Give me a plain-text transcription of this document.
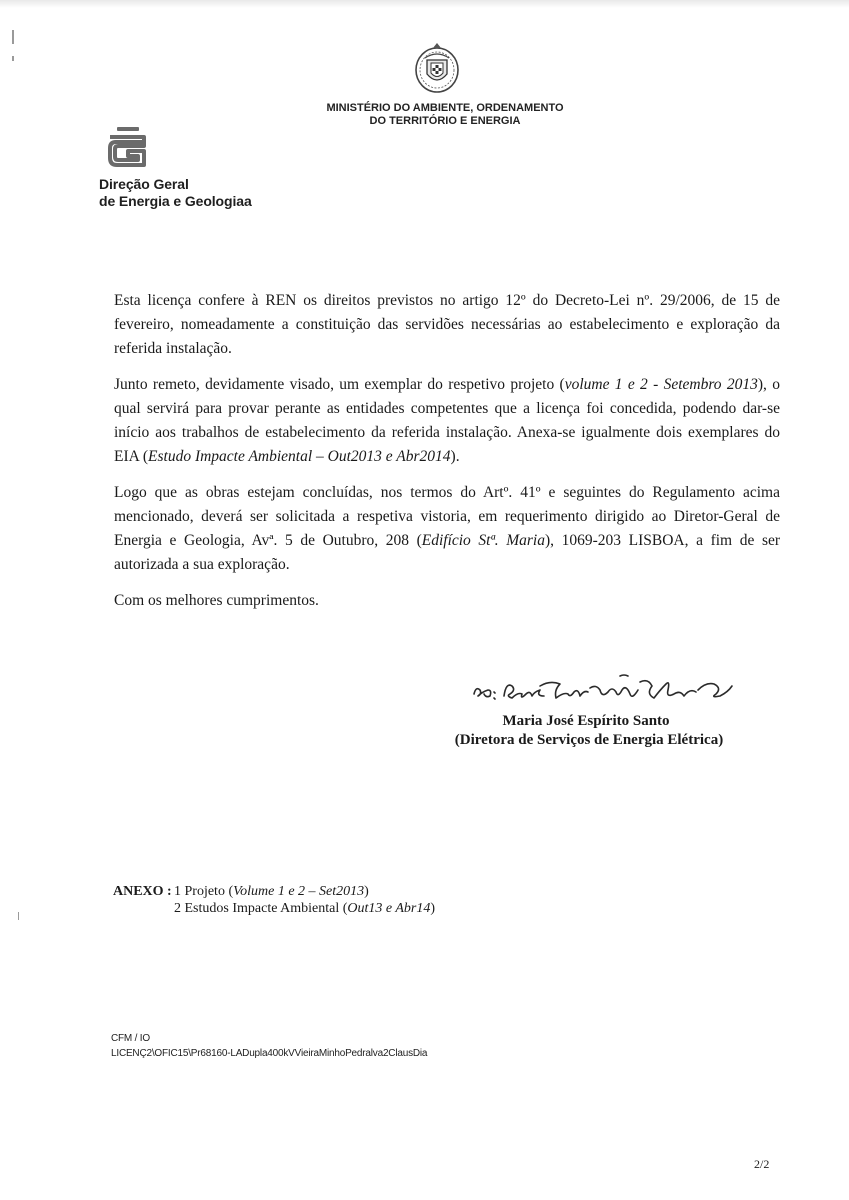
MINISTÉRIO DO AMBIENTE, ORDENAMENTO
DO TERRITÓRIO E ENERGIA
Direção Geral
de Energia e Geologiaa

Esta licença confere à REN os direitos previstos no artigo 12º do Decreto-Lei nº. 29/2006, de 15 de fevereiro, nomeadamente a constituição das servidões necessárias ao estabelecimento e exploração da referida instalação.

Junto remeto, devidamente visado, um exemplar do respetivo projeto (volume 1 e 2 - Setembro 2013), o qual servirá para provar perante as entidades competentes que a licença foi concedida, podendo dar-se início aos trabalhos de estabelecimento da referida instalação. Anexa-se igualmente dois exemplares do EIA (Estudo Impacte Ambiental – Out2013 e Abr2014).

Logo que as obras estejam concluídas, nos termos do Artº. 41º e seguintes do Regulamento acima mencionado, deverá ser solicitada a respetiva vistoria, em requerimento dirigido ao Diretor-Geral de Energia e Geologia, Avª. 5 de Outubro, 208 (Edifício Stª. Maria), 1069-203 LISBOA, a fim de ser autorizada a sua exploração.

Com os melhores cumprimentos.

Maria José Espírito Santo
(Diretora de Serviços de Energia Elétrica)
ANEXO : 1 Projeto (Volume 1 e 2 – Set2013)
2 Estudos Impacte Ambiental (Out13 e Abr14)
CFM / IO
LICENÇ2\OFIC15\Pr68160-LADupla400kVVieiraMinhoPedralva2ClausDia
2/2
